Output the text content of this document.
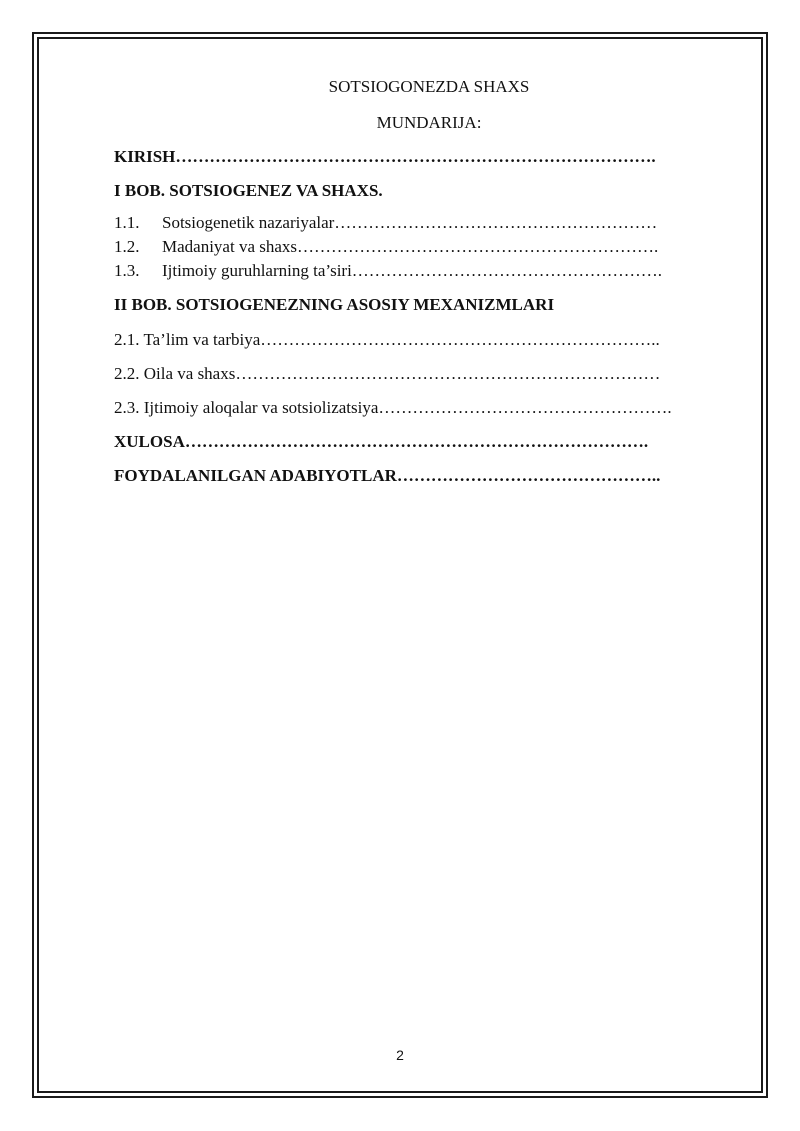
SOTSIOGONEZDA SHAXS
MUNDARIJA:
KIRISH………………………………………………………………………….
I BOB. SOTSIOGENEZ VA SHAXS.
1.1. Sotsiogenetik nazariyalar…………………………………………………
1.2. Madaniyat va shaxs……………………………………………………….
1.3. Ijtimoiy guruhlarning ta’siri……………………………………………….
II BOB. SOTSIOGENEZNING ASOSIY MEXANIZMLARI
2.1. Ta’lim va tarbiya……………………………………………………………..
2.2. Oila va shaxs…………………………………………………………………
2.3. Ijtimoiy aloqalar va sotsiolizatsiya…………………………………………….
XULOSA……………………………………………………………………….
FOYDALANILGAN ADABIYOTLAR………………………………………..
2
